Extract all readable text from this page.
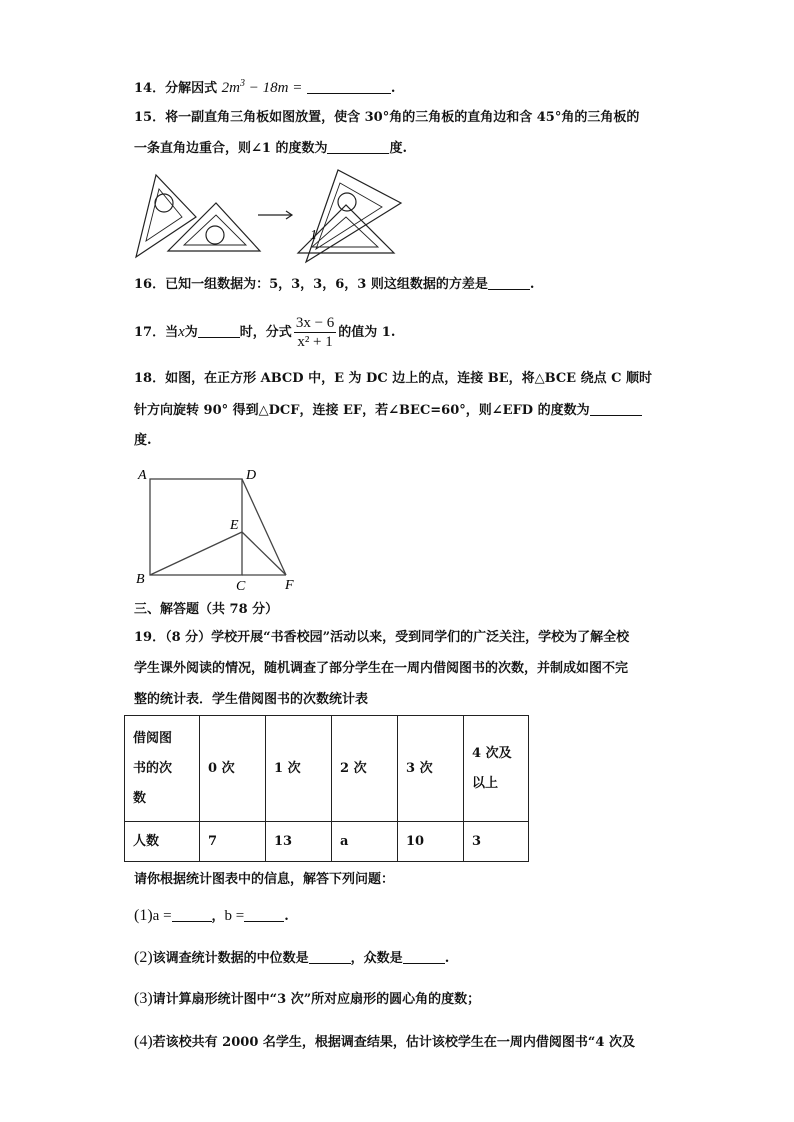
14．分解因式 $2m^3 - 18m$ =	.
15．将一副直角三角板如图放置，使含 30°角的三角板的直角边和含 45°角的三角板的
一条直角边重合，则∠1 的度数为	度.
1
16．已知一组数据为：5，3，3，6，3 则这组数据的方差是	.
17．当x为	时，分式 $\frac{3x - 6}{\text{x² + 1}}$ 的值为 1.
18．如图，在正方形 ABCD 中，E 为 DC 边上的点，连接 BE，将△BCE 绕点 C 顺时
针方向旋转 90° 得到△DCF，连接 EF，若∠BEC=60°，则∠EFD 的度数为
度.
A	D
E
B	C	F
三、解答题（共 78 分）
19．（8 分）学校开展“书香校园”活动以来，受到同学们的广泛关注，学校为了解全校
学生课外阅读的情况，随机调查了部分学生在一周内借阅图书的次数，并制成如图不完
整的统计表．学生借阅图书的次数统计表
借阅图
书的次
数	0 次	1 次	2 次	3 次	4 次及
以上
人数	7	13	a	10	3
请你根据统计图表中的信息，解答下列问题：
(1)a =	，b =	.
(2)该调查统计数据的中位数是	，众数是	.
(3)请计算扇形统计图中“3 次”所对应扇形的圆心角的度数；
(4)若该校共有 2000 名学生，根据调查结果，估计该校学生在一周内借阅图书“4 次及
